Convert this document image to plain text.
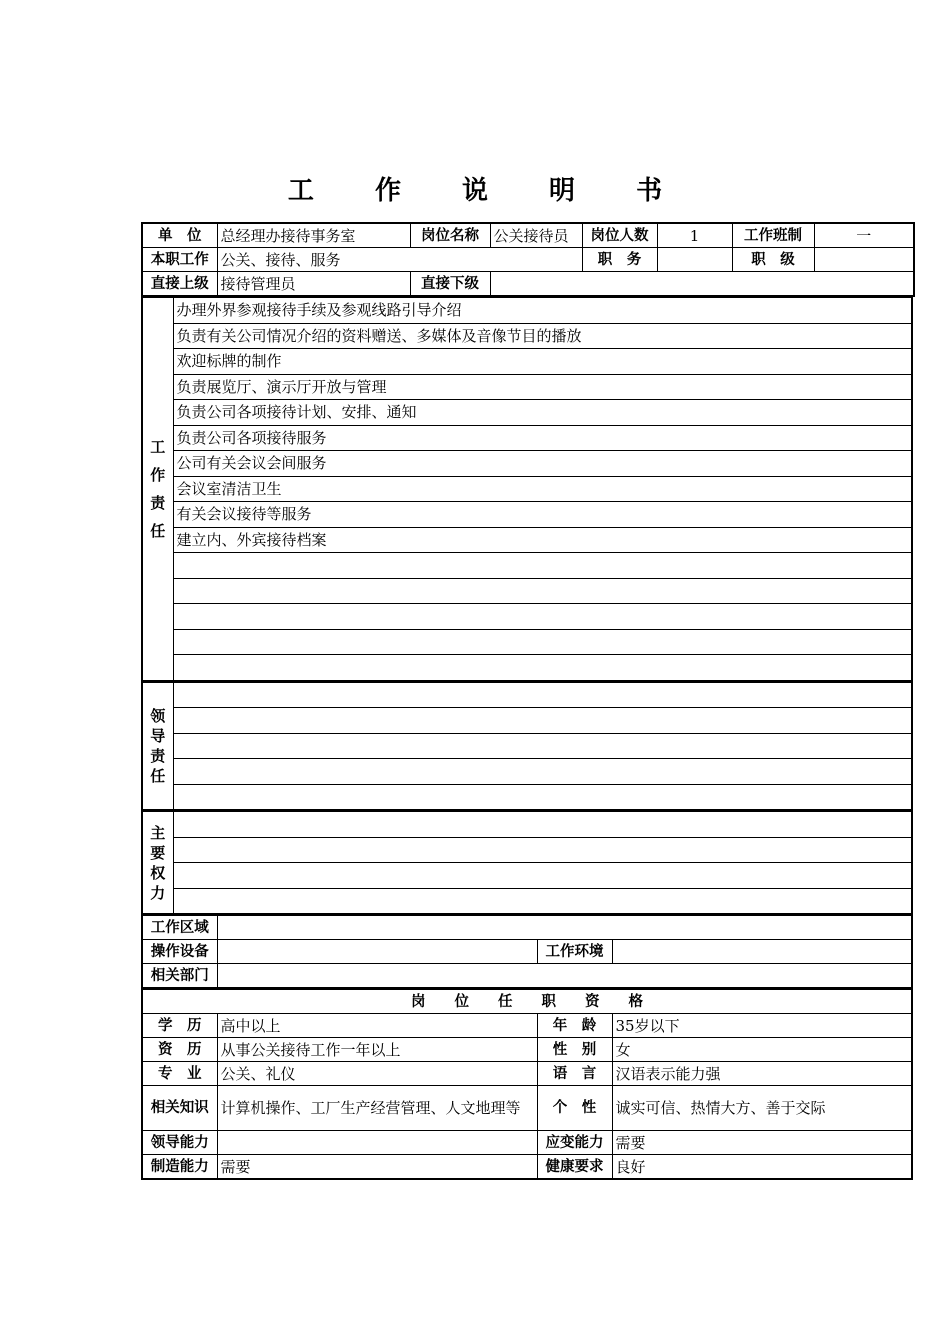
工 作 说 明 书
单　位	总经理办接待事务室	岗位名称	公关接待员	岗位人数	1	工作班制	一
本职工作	公关、接待、服务			职　务		职　级	
直接上级	接待管理员	直接下级					
工
作
责
任
	办理外界参观接待手续及参观线路引导介绍
负责有关公司情况介绍的资料赠送、多媒体及音像节目的播放
欢迎标牌的制作
负责展览厅、演示厅开放与管理
负责公司各项接待计划、安排、通知
负责公司各项接待服务
公司有关会议会间服务
会议室清洁卫生
有关会议接待等服务
建立内、外宾接待档案

领
导
责
任

主
要
权
力

工作区域			
操作设备		工作环境	
相关部门			
岗　　位　　任　　职　　资　　格			
学　历	高中以上	年　龄	35岁以下
资　历	从事公关接待工作一年以上	性　别	女
专　业	公关、礼仪	语　言	汉语表示能力强
相关知识	计算机操作、工厂生产经营管理、人文地理等	个　性	诚实可信、热情大方、善于交际
领导能力		应变能力	需要
制造能力	需要	健康要求	良好
